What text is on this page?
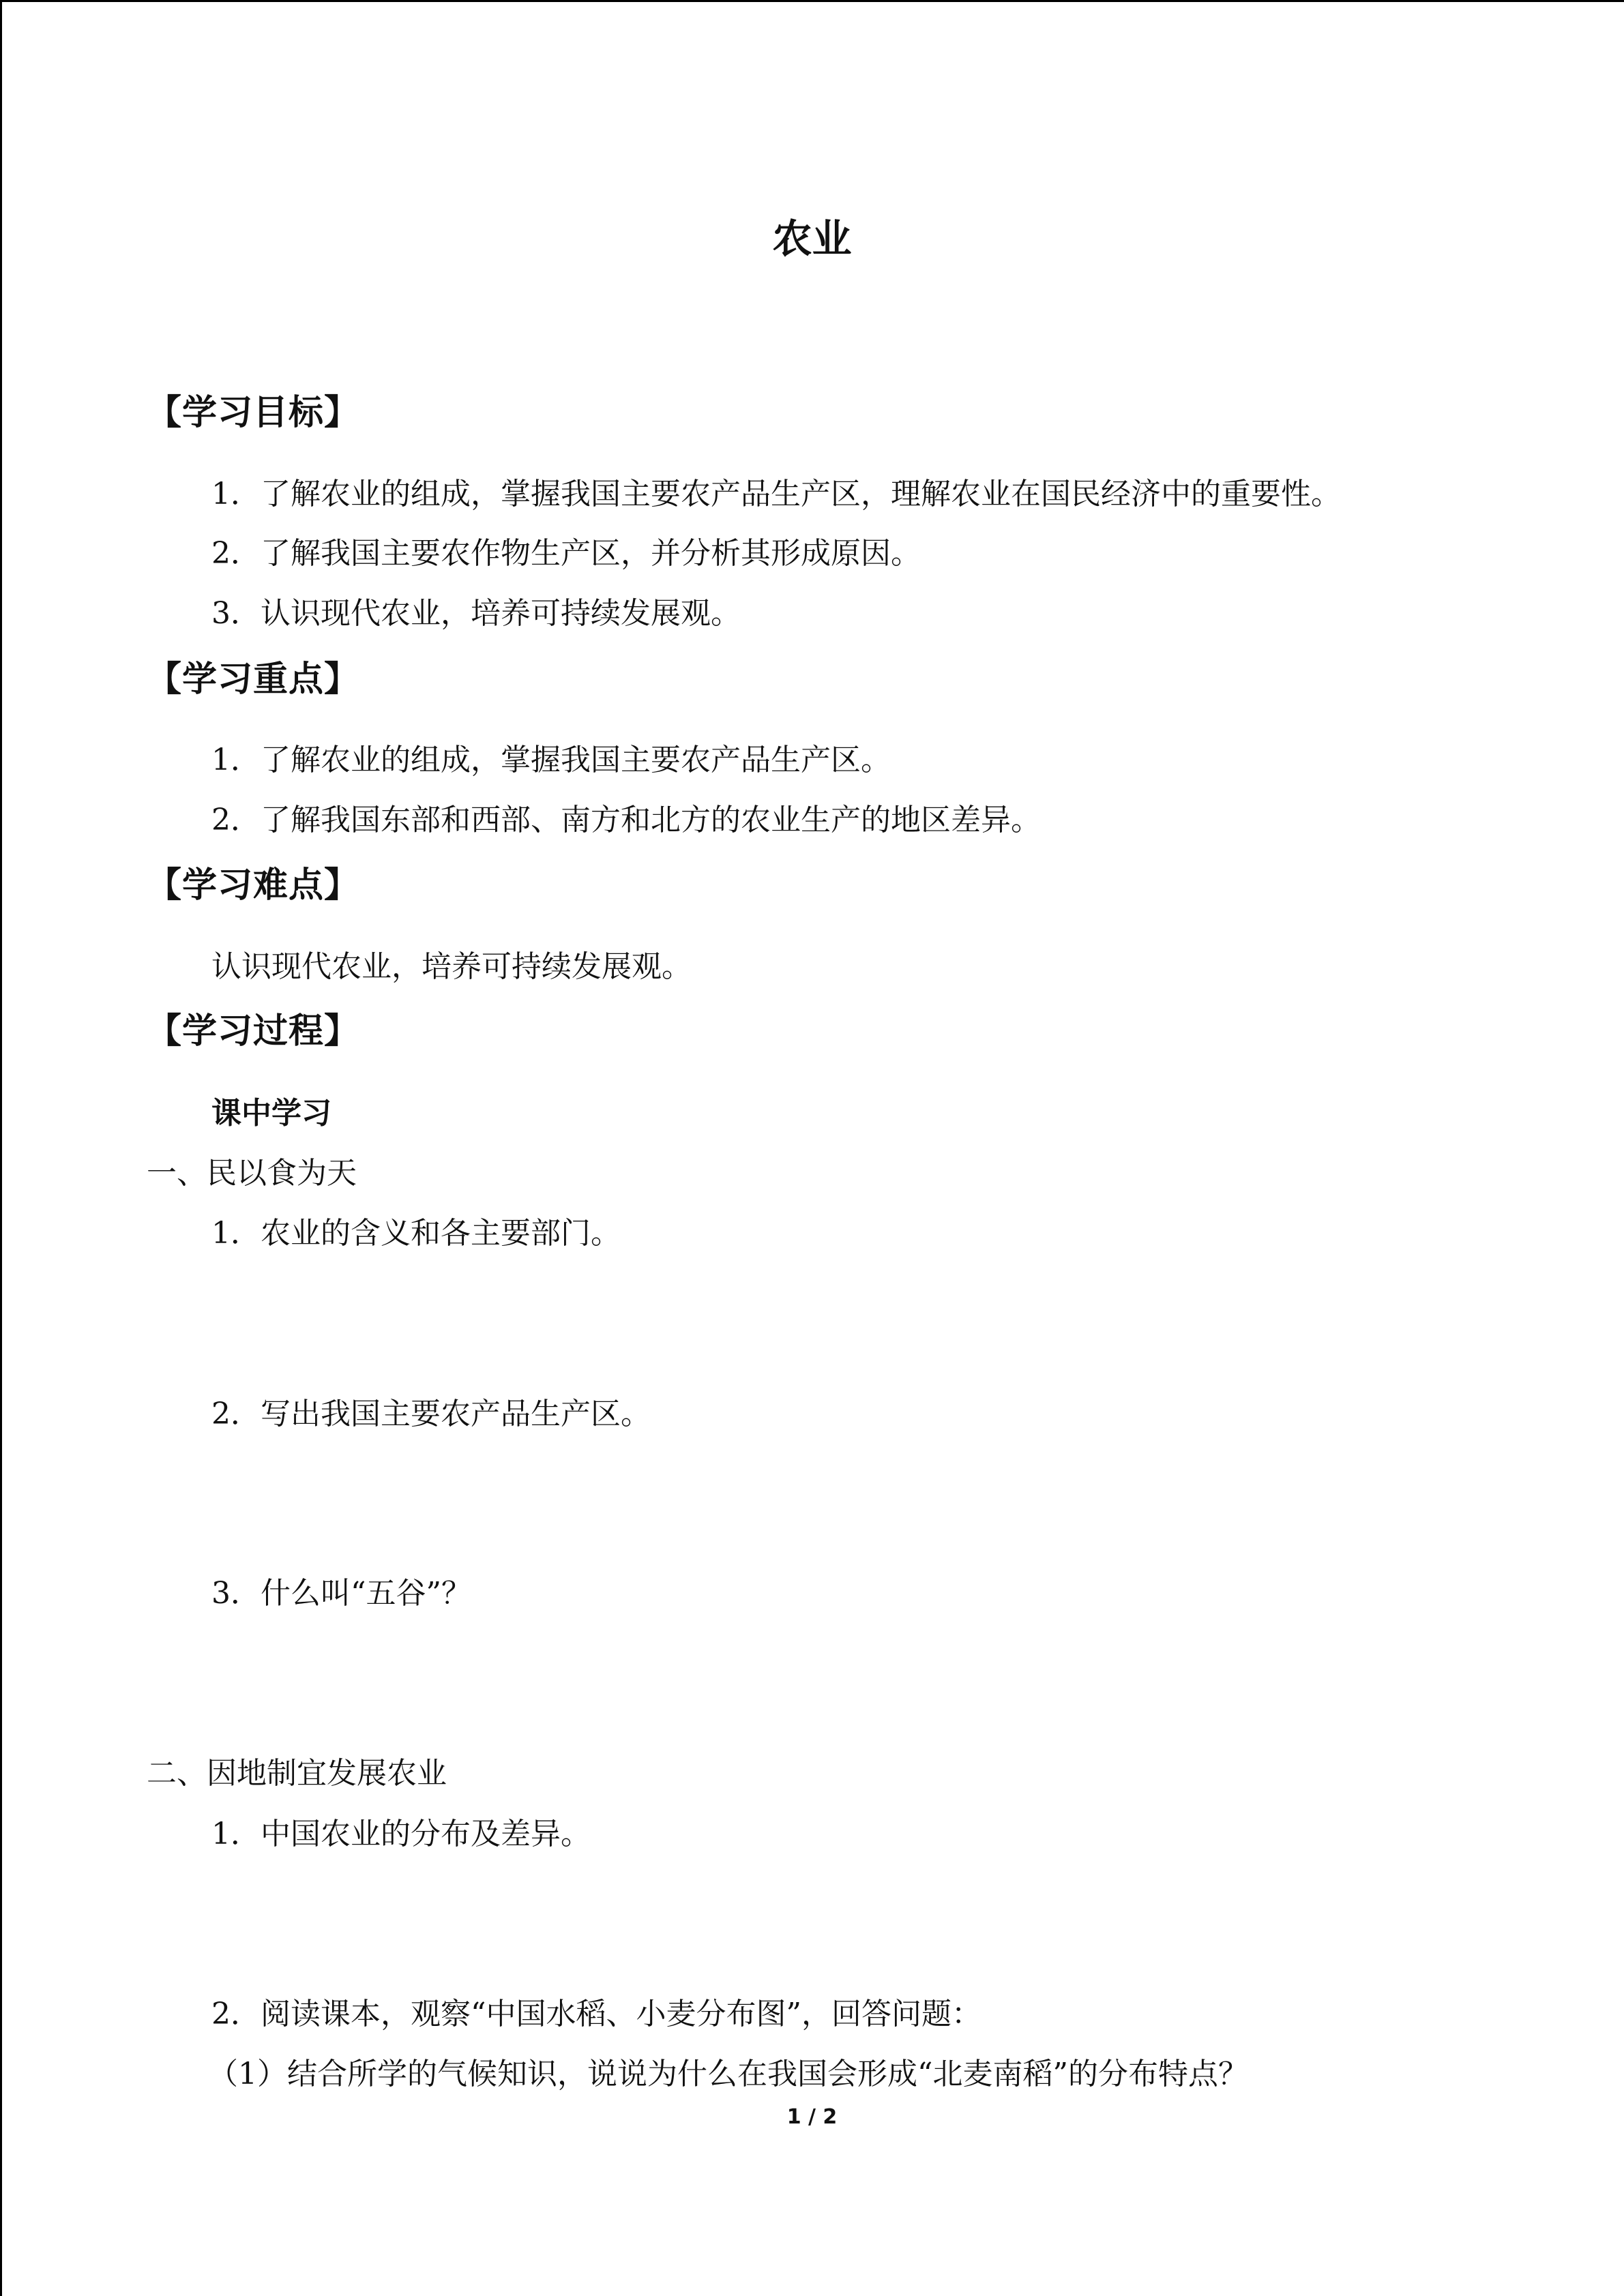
农业
【学习目标】
1．了解农业的组成，掌握我国主要农产品生产区，理解农业在国民经济中的重要性。
2．了解我国主要农作物生产区，并分析其形成原因。
3．认识现代农业，培养可持续发展观。
【学习重点】
1．了解农业的组成，掌握我国主要农产品生产区。
2．了解我国东部和西部、南方和北方的农业生产的地区差异。
【学习难点】
认识现代农业，培养可持续发展观。
【学习过程】
课中学习
一、民以食为天
1．农业的含义和各主要部门。
2．写出我国主要农产品生产区。
3．什么叫“五谷”？
二、因地制宜发展农业
1．中国农业的分布及差异。
2．阅读课本，观察“中国水稻、小麦分布图”，回答问题：
（1）结合所学的气候知识，说说为什么在我国会形成“北麦南稻”的分布特点？
1 / 2
